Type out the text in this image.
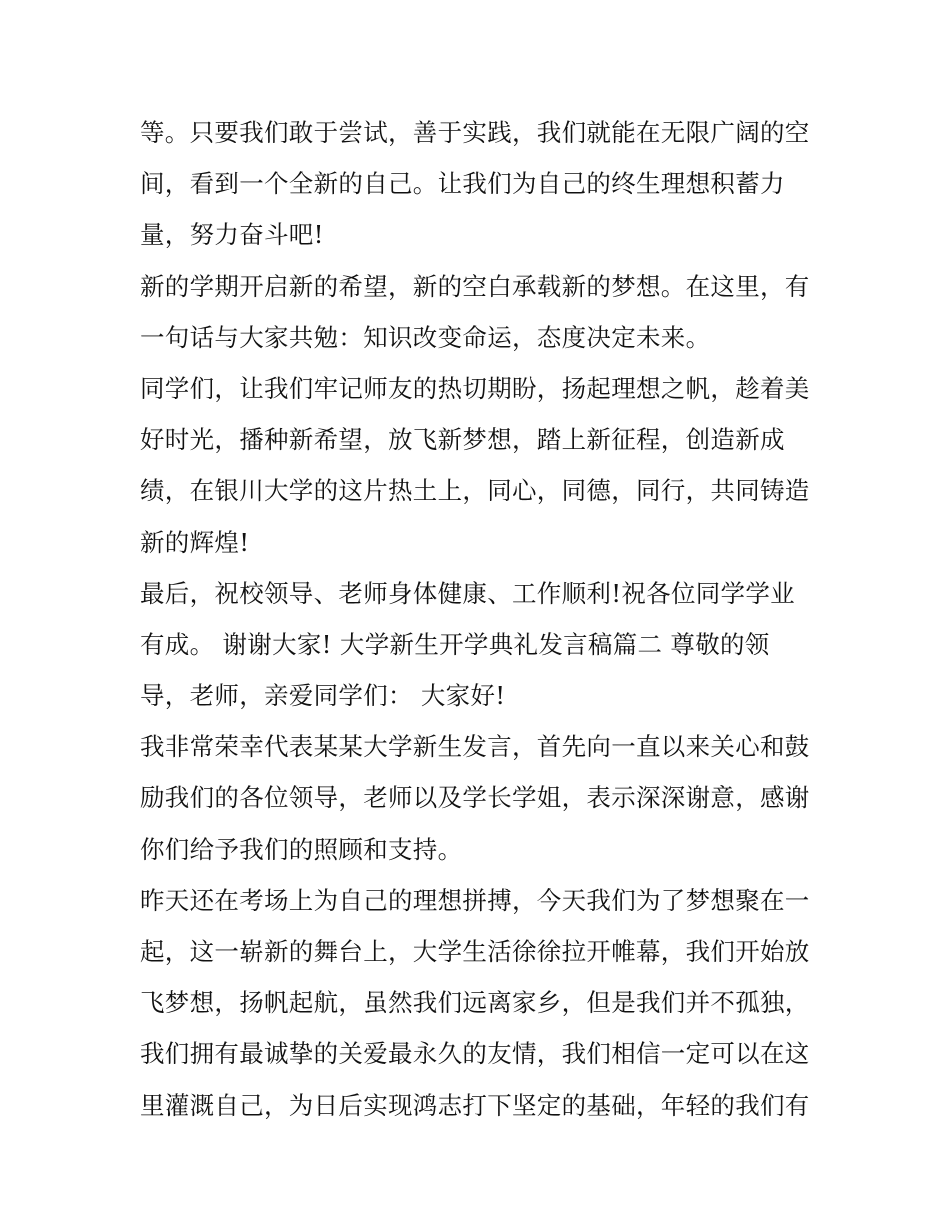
等。只要我们敢于尝试，善于实践，我们就能在无限广阔的空
间，看到一个全新的自己。让我们为自己的终生理想积蓄力
量，努力奋斗吧!
新的学期开启新的希望，新的空白承载新的梦想。在这里，有
一句话与大家共勉：知识改变命运，态度决定未来。
同学们，让我们牢记师友的热切期盼，扬起理想之帆，趁着美
好时光，播种新希望，放飞新梦想，踏上新征程，创造新成
绩，在银川大学的这片热土上，同心，同德，同行，共同铸造
新的辉煌!
最后，祝校领导、老师身体健康、工作顺利!祝各位同学学业
有成。 谢谢大家! 大学新生开学典礼发言稿篇二 尊敬的领
导，老师，亲爱同学们： 大家好!
我非常荣幸代表某某大学新生发言，首先向一直以来关心和鼓
励我们的各位领导，老师以及学长学姐，表示深深谢意，感谢
你们给予我们的照顾和支持。
昨天还在考场上为自己的理想拼搏，今天我们为了梦想聚在一
起，这一崭新的舞台上，大学生活徐徐拉开帷幕，我们开始放
飞梦想，扬帆起航，虽然我们远离家乡，但是我们并不孤独，
我们拥有最诚挚的关爱最永久的友情，我们相信一定可以在这
里灌溉自己，为日后实现鸿志打下坚定的基础，年轻的我们有
